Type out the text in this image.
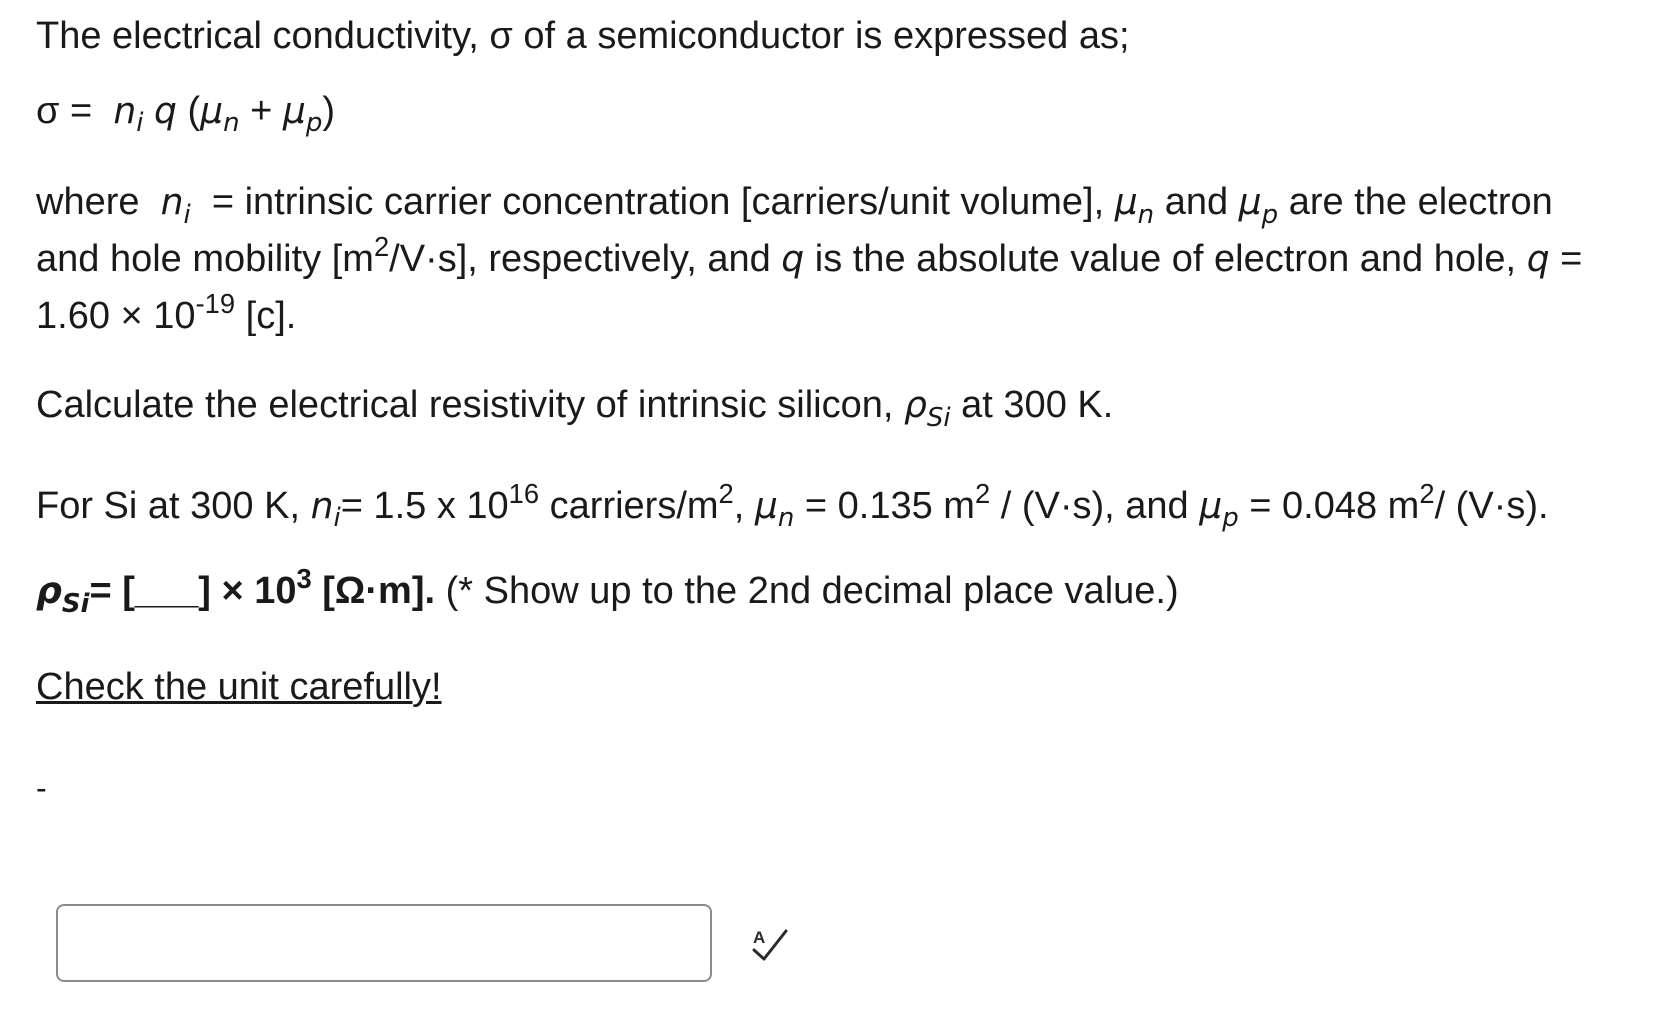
The electrical conductivity, σ of a semiconductor is expressed as;

$\sigma = n_i$ q $(\mu_n + \mu_p)$

where $n_i$ = intrinsic carrier concentration [carriers/unit volume], $\mu_n$ and $\mu_p$ are the electron and hole mobility $[m^2/V\cdot s]$, respectively, and q is the absolute value of electron and hole, $q = 1.60 \times 10^{-19}$ [c].

Calculate the electrical resistivity of intrinsic silicon, $\rho_{Si}$ at 300 K.

For Si at 300 K, $n_i= 1.5$ x $10^{16}$ carriers/$m^2$, $\mu_n = 0.135$ $m^2 / (V\cdot s)$, and $\mu_p = 0.048$ $m^2/$ (V·s).

$\rho_{Si}=$ [___] × $10^3$ [Ω·m]. (* Show up to the 2nd decimal place value.)

Check the unit carefully!

-

A
